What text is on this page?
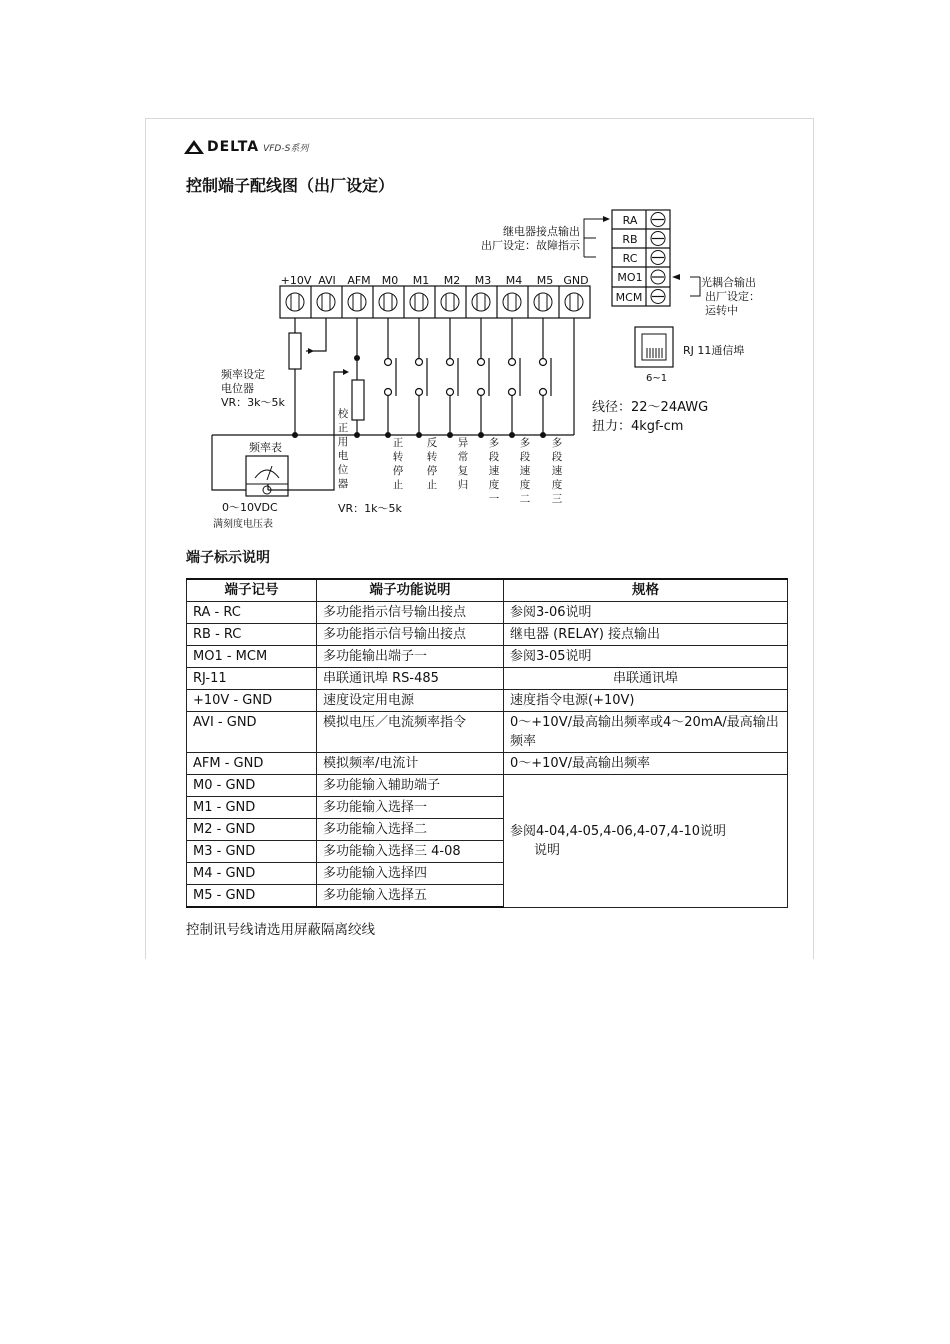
DELTA VFD-S系列
控制端子配线图（出厂设定）
+10V AVI AFM M0 M1 M2 M3 M4 M5 GND
RA
RB
RC
MO1
MCM
继电器接点输出
出厂设定：故障指示
光耦合输出
出厂设定：
运转中
RJ 11通信埠
6~1
频率表
0～10VDC
满刻度电压表
频率设定
电位器
VR：3k～5k
校
正
用
电
位
器
VR：1k～5k
线径：22～24AWG
扭力：4kgf-cm
正
转
停
止
反
转
停
止
异
常
复
归
多
段
速
度
一
多
段
速
度
二
多
段
速
度
三
端子标示说明
端子记号	端子功能说明	规格
RA - RC	多功能指示信号输出接点	参阅3-06说明
RB - RC	多功能指示信号输出接点	继电器 (RELAY) 接点输出
MO1 - MCM	多功能输出端子一	参阅3-05说明
RJ-11	串联通讯埠 RS-485	串联通讯埠

+10V - GND	速度设定用电源	速度指令电源(+10V)
AVI - GND	模拟电压／电流频率指令	0～+10V/最高输出频率或4～20mA/最高输出频率
AFM - GND	模拟频率/电流计	0～+10V/最高输出频率
M0 - GND	多功能输入辅助端子	参阅4-04,4-05,4-06,4-07,4-10说明
说明

M1 - GND	多功能输入选择一	
M2 - GND	多功能输入选择二	
M3 - GND	多功能输入选择三 4-08	
M4 - GND	多功能输入选择四	
M5 - GND	多功能输入选择五	
控制讯号线请选用屏蔽隔离绞线
